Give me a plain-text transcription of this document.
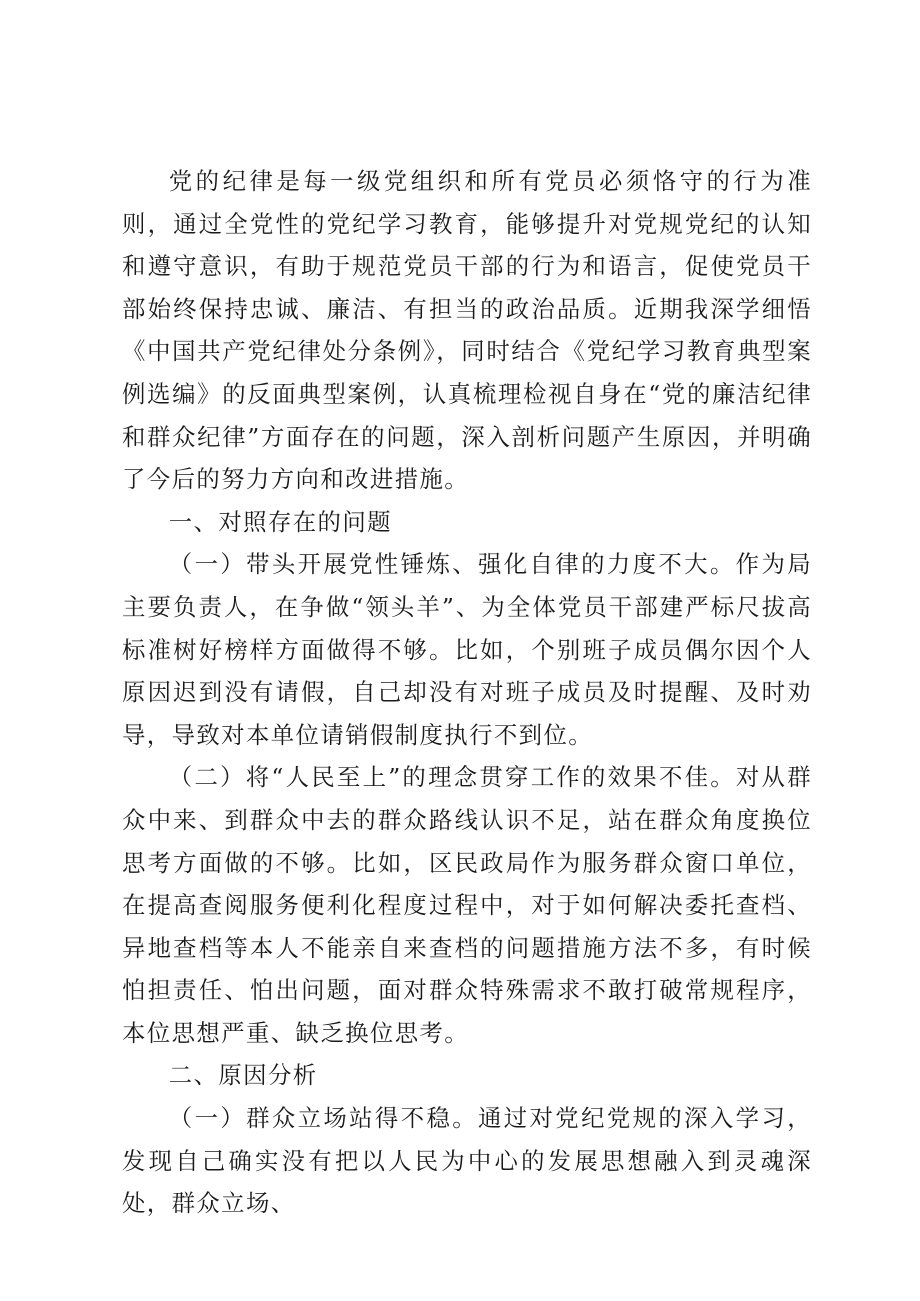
党的纪律是每一级党组织和所有党员必须恪守的行为准则，通过全党性的党纪学习教育，能够提升对党规党纪的认知和遵守意识，有助于规范党员干部的行为和语言，促使党员干部始终保持忠诚、廉洁、有担当的政治品质。近期我深学细悟《中国共产党纪律处分条例》，同时结合《党纪学习教育典型案例选编》的反面典型案例，认真梳理检视自身在“党的廉洁纪律和群众纪律”方面存在的问题，深入剖析问题产生原因，并明确了今后的努力方向和改进措施。

一、对照存在的问题

（一）带头开展党性锤炼、强化自律的力度不大。作为局主要负责人，在争做“领头羊”、为全体党员干部建严标尺拔高标准树好榜样方面做得不够。比如，个别班子成员偶尔因个人原因迟到没有请假，自己却没有对班子成员及时提醒、及时劝导，导致对本单位请销假制度执行不到位。

（二）将“人民至上”的理念贯穿工作的效果不佳。对从群众中来、到群众中去的群众路线认识不足，站在群众角度换位思考方面做的不够。比如，区民政局作为服务群众窗口单位，在提高查阅服务便利化程度过程中，对于如何解决委托查档、异地查档等本人不能亲自来查档的问题措施方法不多，有时候怕担责任、怕出问题，面对群众特殊需求不敢打破常规程序，本位思想严重、缺乏换位思考。

二、原因分析

（一）群众立场站得不稳。通过对党纪党规的深入学习，发现自己确实没有把以人民为中心的发展思想融入到灵魂深处，群众立场、
